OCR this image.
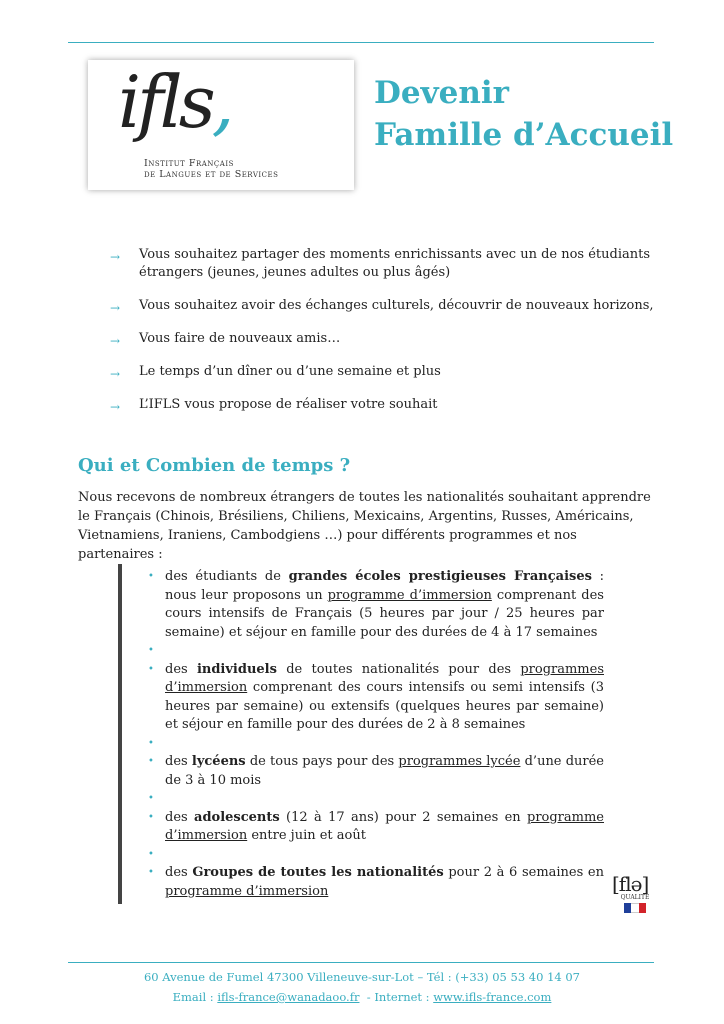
ifls,
Institut Français
de Langues et de Services
Devenir
Famille d’Accueil
→ Vous souhaitez partager des moments enrichissants avec un de nos étudiants étrangers (jeunes, jeunes adultes ou plus âgés)
→ Vous souhaitez avoir des échanges culturels, découvrir de nouveaux horizons,
→ Vous faire de nouveaux amis…
→ Le temps d’un dîner ou d’une semaine et plus
→ L’IFLS vous propose de réaliser votre souhait
Qui et Combien de temps ?
Nous recevons de nombreux étrangers de toutes les nationalités souhaitant apprendre le Français (Chinois, Brésiliens, Chiliens, Mexicains, Argentins, Russes, Américains, Vietnamiens, Iraniens, Cambodgiens …) pour différents programmes et nos partenaires :
• des étudiants de grandes écoles prestigieuses Françaises : nous leur proposons un programme d’immersion comprenant des cours intensifs de Français (5 heures par jour / 25 heures par semaine) et séjour en famille pour des durées de 4 à 17 semaines
•
• des individuels de toutes nationalités pour des programmes d’immersion comprenant des cours intensifs ou semi intensifs (3 heures par semaine) ou extensifs (quelques heures par semaine) et séjour en famille pour des durées de 2 à 8 semaines
•
• des lycéens de tous pays pour des programmes lycée d’une durée de 3 à 10 mois
•
• des adolescents (12 à 17 ans) pour 2 semaines en programme d’immersion entre juin et août
•
• des Groupes de toutes les nationalités pour 2 à 6 semaines en programme d’immersion	[flə]
QUALITÉ
60 Avenue de Fumel 47300 Villeneuve-sur-Lot – Tél : (+33) 05 53 40 14 07
Email : ifls-france@wanadaoo.fr  - Internet : www.ifls-france.com
